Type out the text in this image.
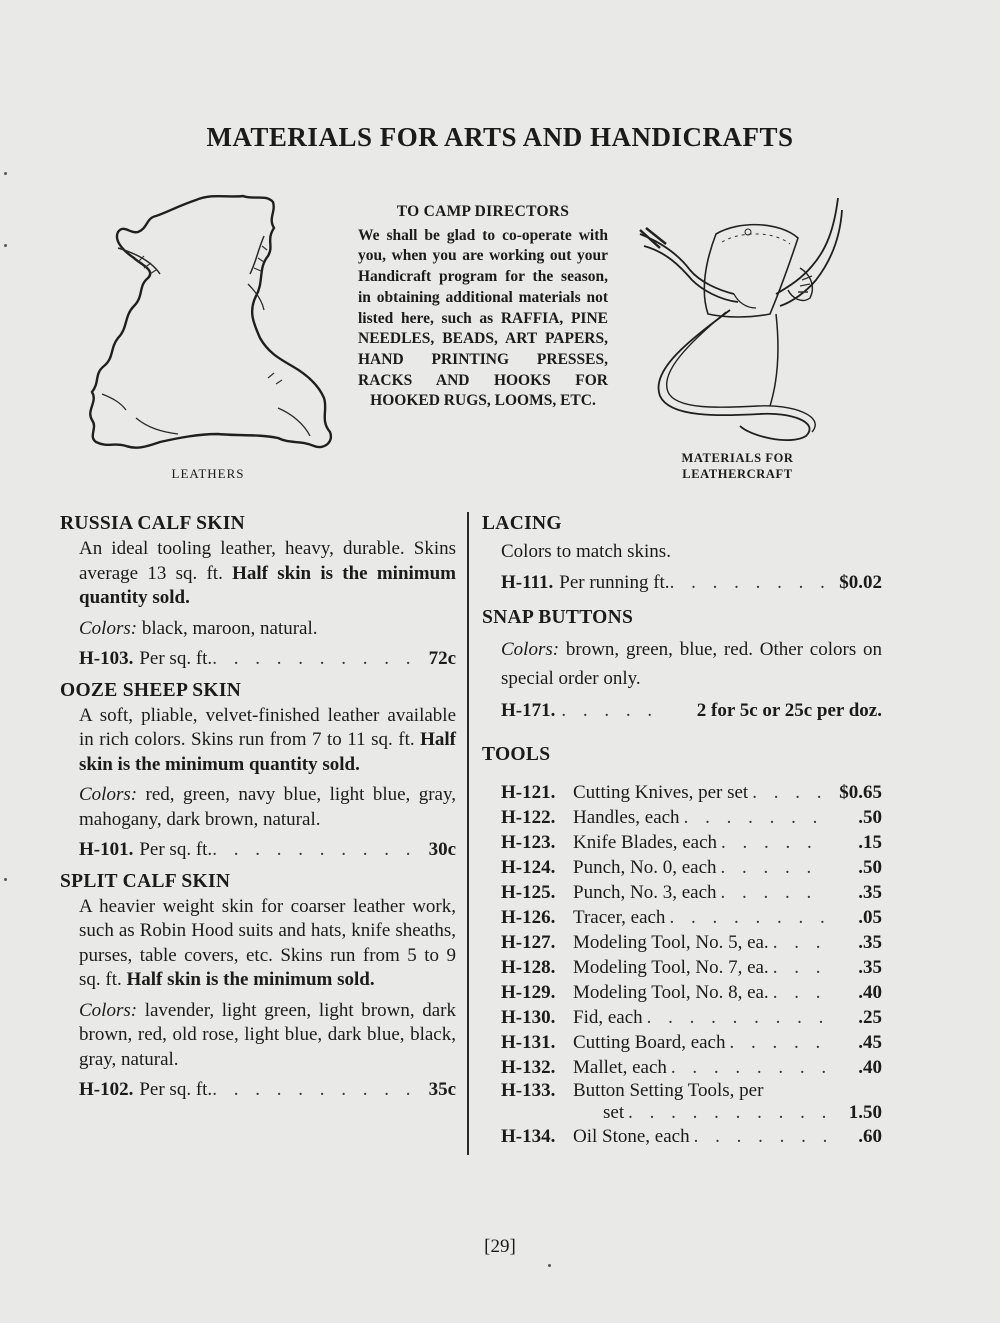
MATERIALS FOR ARTS AND HANDICRAFTS
LEATHERS
TO CAMP DIRECTORS
We shall be glad to co-operate with you, when you are working out your Handicraft program for the season, in obtaining additional materials not listed here, such as RAFFIA, PINE NEEDLES, BEADS, ART PAPERS, HAND PRINTING PRESSES, RACKS AND HOOKS FOR HOOKED RUGS, LOOMS, ETC.
MATERIALS FOR
LEATHERCRAFT
RUSSIA CALF SKIN
An ideal tooling leather, heavy, durable. Skins average 13 sq. ft. Half skin is the minimum quantity sold.
Colors: black, maroon, natural.
H-103. Per sq. ft. . . .	72c
OOZE SHEEP SKIN
A soft, pliable, velvet-finished leather available in rich colors. Skins run from 7 to 11 sq. ft. Half skin is the minimum quantity sold.
Colors: red, green, navy blue, light blue, gray, mahogany, dark brown, natural.
H-101. Per sq. ft. . . .	30c
SPLIT CALF SKIN
A heavier weight skin for coarser leather work, such as Robin Hood suits and hats, knife sheaths, purses, table covers, etc. Skins run from 5 to 9 sq. ft. Half skin is the minimum sold.
Colors: lavender, light green, light brown, dark brown, red, old rose, light blue, dark blue, black, gray, natural.
H-102. Per sq. ft. . . .	35c
LACING
Colors to match skins.
H-111. Per running ft. . . .	$0.02
SNAP BUTTONS
Colors: brown, green, blue, red. Other colors on special order only.
H-171. . . .	2 for 5c or 25c per doz.
TOOLS
H-121. Cutting Knives, per set . . .	$0.65
H-122. Handles, each . . .	.50
H-123. Knife Blades, each . . .	.15
H-124. Punch, No. 0, each . . .	.50
H-125. Punch, No. 3, each . . .	.35
H-126. Tracer, each . . .	.05
H-127. Modeling Tool, No. 5, ea. . . .	.35
H-128. Modeling Tool, No. 7, ea. . . .	.35
H-129. Modeling Tool, No. 8, ea. . . .	.40
H-130. Fid, each . . .	.25
H-131. Cutting Board, each . . .	.45
H-132. Mallet, each . . .	.40
H-133. Button Setting Tools, per
set . . .	1.50
H-134. Oil Stone, each . . .	.60
[29]
